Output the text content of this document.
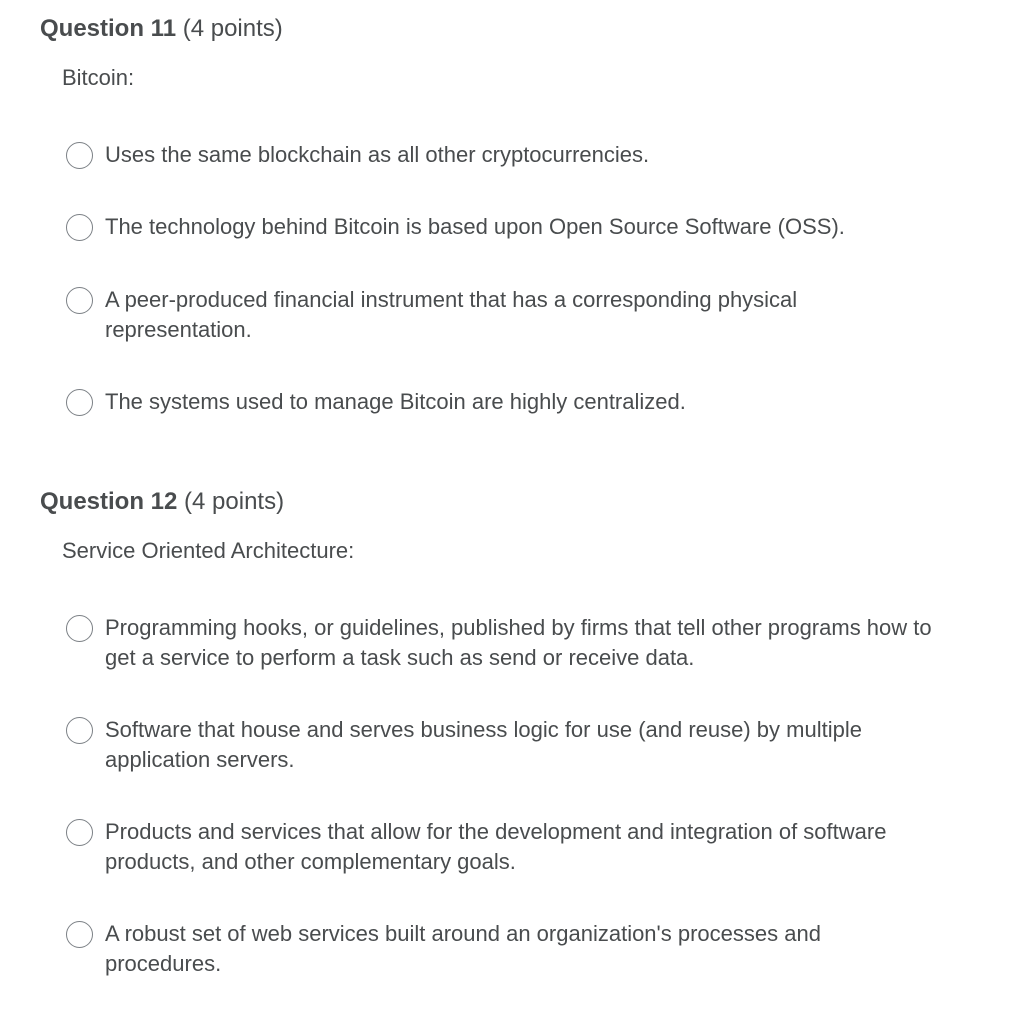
Question 11 (4 points)
Bitcoin:
Uses the same blockchain as all other cryptocurrencies.
The technology behind Bitcoin is based upon Open Source Software (OSS).
A peer-produced financial instrument that has a corresponding physical representation.
The systems used to manage Bitcoin are highly centralized.
Question 12 (4 points)
Service Oriented Architecture:
Programming hooks, or guidelines, published by firms that tell other programs how to get a service to perform a task such as send or receive data.
Software that house and serves business logic for use (and reuse) by multiple application servers.
Products and services that allow for the development and integration of software products, and other complementary goals.
A robust set of web services built around an organization's processes and procedures.
